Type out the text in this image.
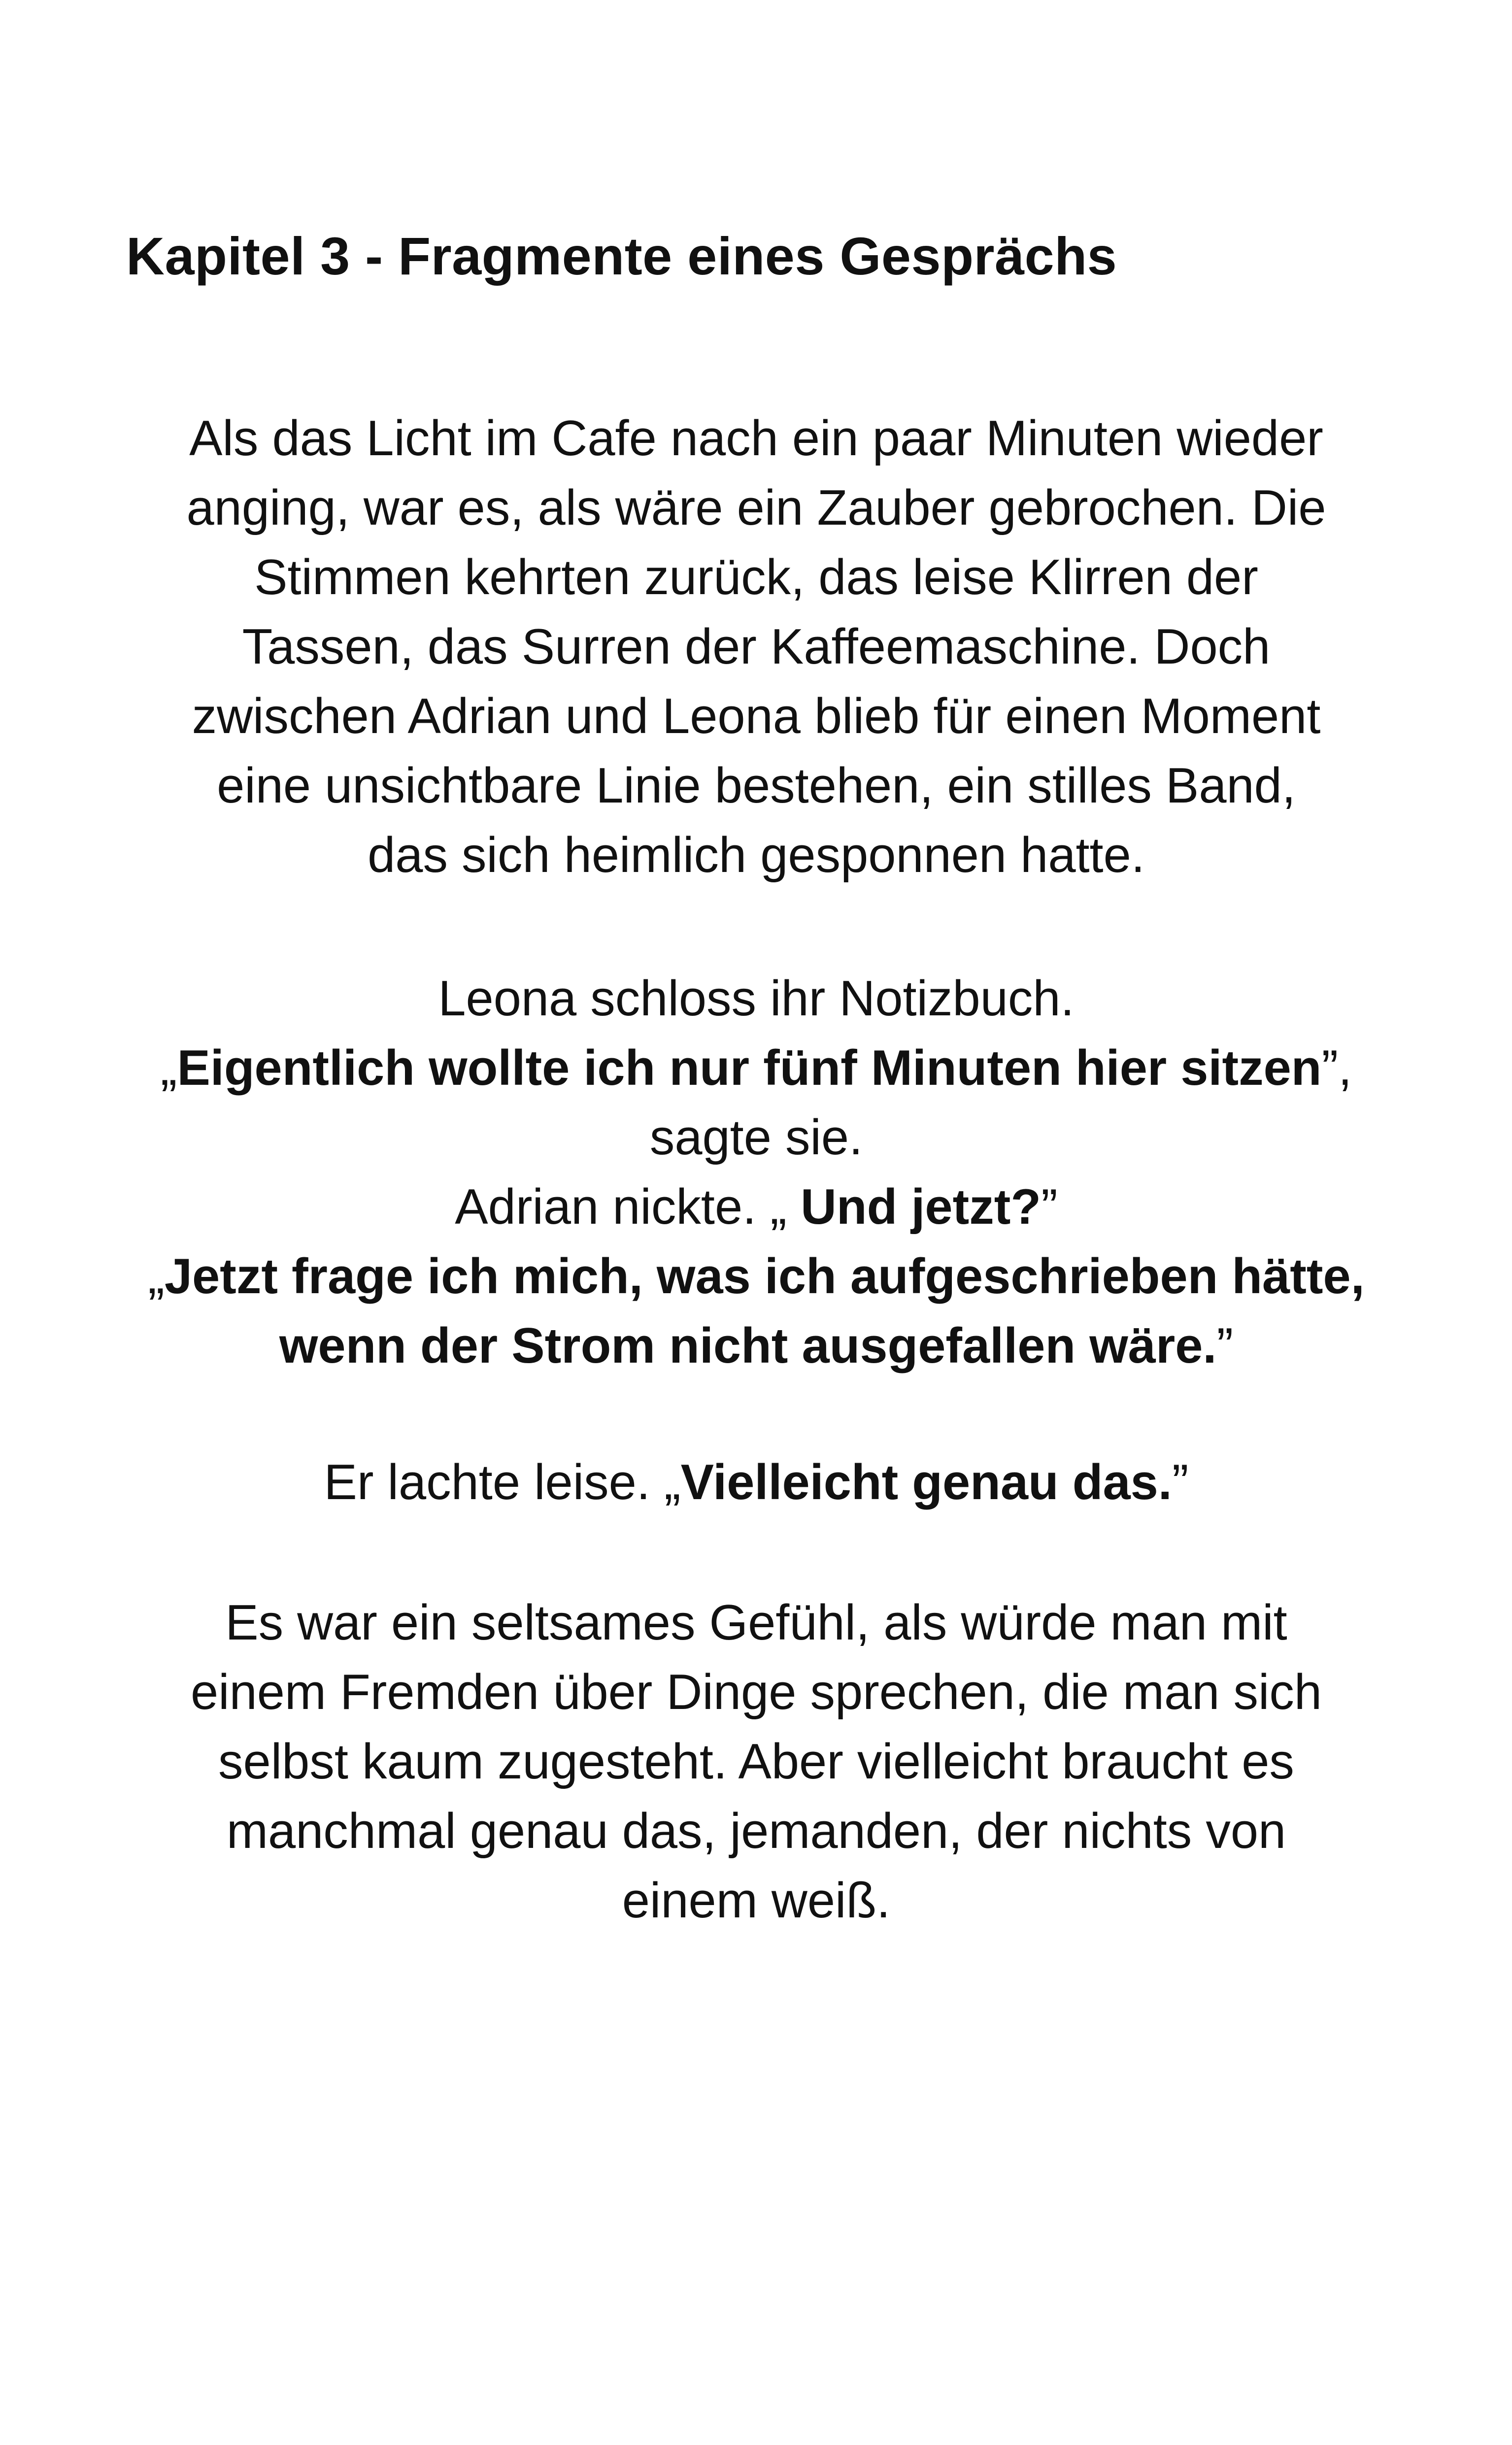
Kapitel 3 - Fragmente eines Gesprächs

Als das Licht im Cafe nach ein paar Minuten wieder
anging, war es, als wäre ein Zauber gebrochen. Die
Stimmen kehrten zurück, das leise Klirren der
Tassen, das Surren der Kaffeemaschine. Doch
zwischen Adrian und Leona blieb für einen Moment
eine unsichtbare Linie bestehen, ein stilles Band,
das sich heimlich gesponnen hatte.

Leona schloss ihr Notizbuch.
„Eigentlich wollte ich nur fünf Minuten hier sitzen”,
sagte sie.
Adrian nickte. „ Und jetzt?”
„Jetzt frage ich mich, was ich aufgeschrieben hätte,
wenn der Strom nicht ausgefallen wäre.”

Er lachte leise. „Vielleicht genau das.”

Es war ein seltsames Gefühl, als würde man mit
einem Fremden über Dinge sprechen, die man sich
selbst kaum zugesteht. Aber vielleicht braucht es
manchmal genau das, jemanden, der nichts von
einem weiß.
